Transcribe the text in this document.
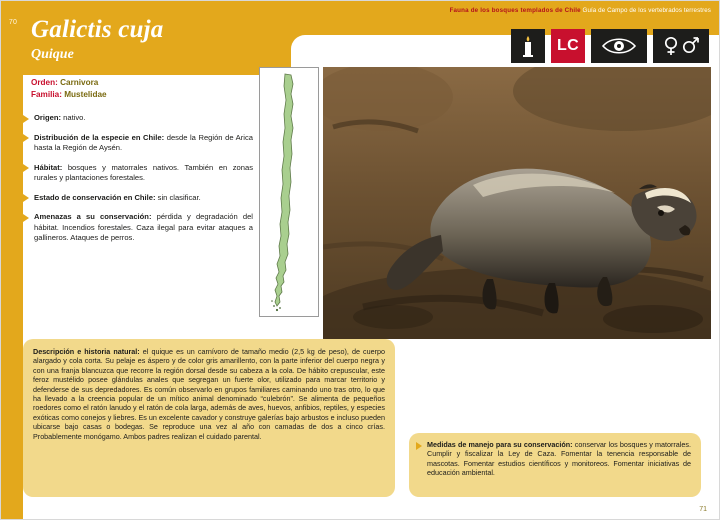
70 Galictis cuja
Quique
Fauna de los bosques templados de Chile Guía de Campo de los vertebrados terrestres
LC
Orden: Carnivora
Familia: Mustelidae
Origen: nativo.
Distribución de la especie en Chile: desde la Región de Arica hasta la Región de Aysén.
Hábitat: bosques y matorrales nativos. También en zonas rurales y plantaciones forestales.
Estado de conservación en Chile: sin clasificar.
Amenazas a su conservación: pérdida y degradación del hábitat. Incendios forestales. Caza ilegal para evitar ataques a gallineros. Ataques de perros.
Descripción e historia natural: el quique es un carnívoro de tamaño medio (2,5 kg de peso), de cuerpo alargado y cola corta. Su pelaje es áspero y de color gris amarillento, con la parte inferior del cuerpo negra y con una franja blancuzca que recorre la región dorsal desde su cabeza a la cola. De hábito crepuscular, este feroz mustélido posee glándulas anales que segregan un fuerte olor, utilizado para marcar territorio y defenderse de sus depredadores. Es común observarlo en grupos familiares caminando uno tras otro, lo que ha llevado a la creencia popular de un mítico animal denominado “culebrón”. Se alimenta de pequeños roedores como el ratón lanudo y el ratón de cola larga, además de aves, huevos, anfibios, reptiles, y especies exóticas como conejos y liebres. Es un excelente cavador y construye galerías bajo arbustos e incluso pueden ubicarse bajo casas o bodegas. Se reproduce una vez al año con camadas de dos a cinco crías. Probablemente monógamo. Ambos padres realizan el cuidado parental.
Medidas de manejo para su conservación: conservar los bosques y matorrales. Cumplir y fiscalizar la Ley de Caza. Fomentar la tenencia responsable de mascotas. Fomentar estudios científicos y monitoreos. Fomentar iniciativas de educación ambiental.
71
